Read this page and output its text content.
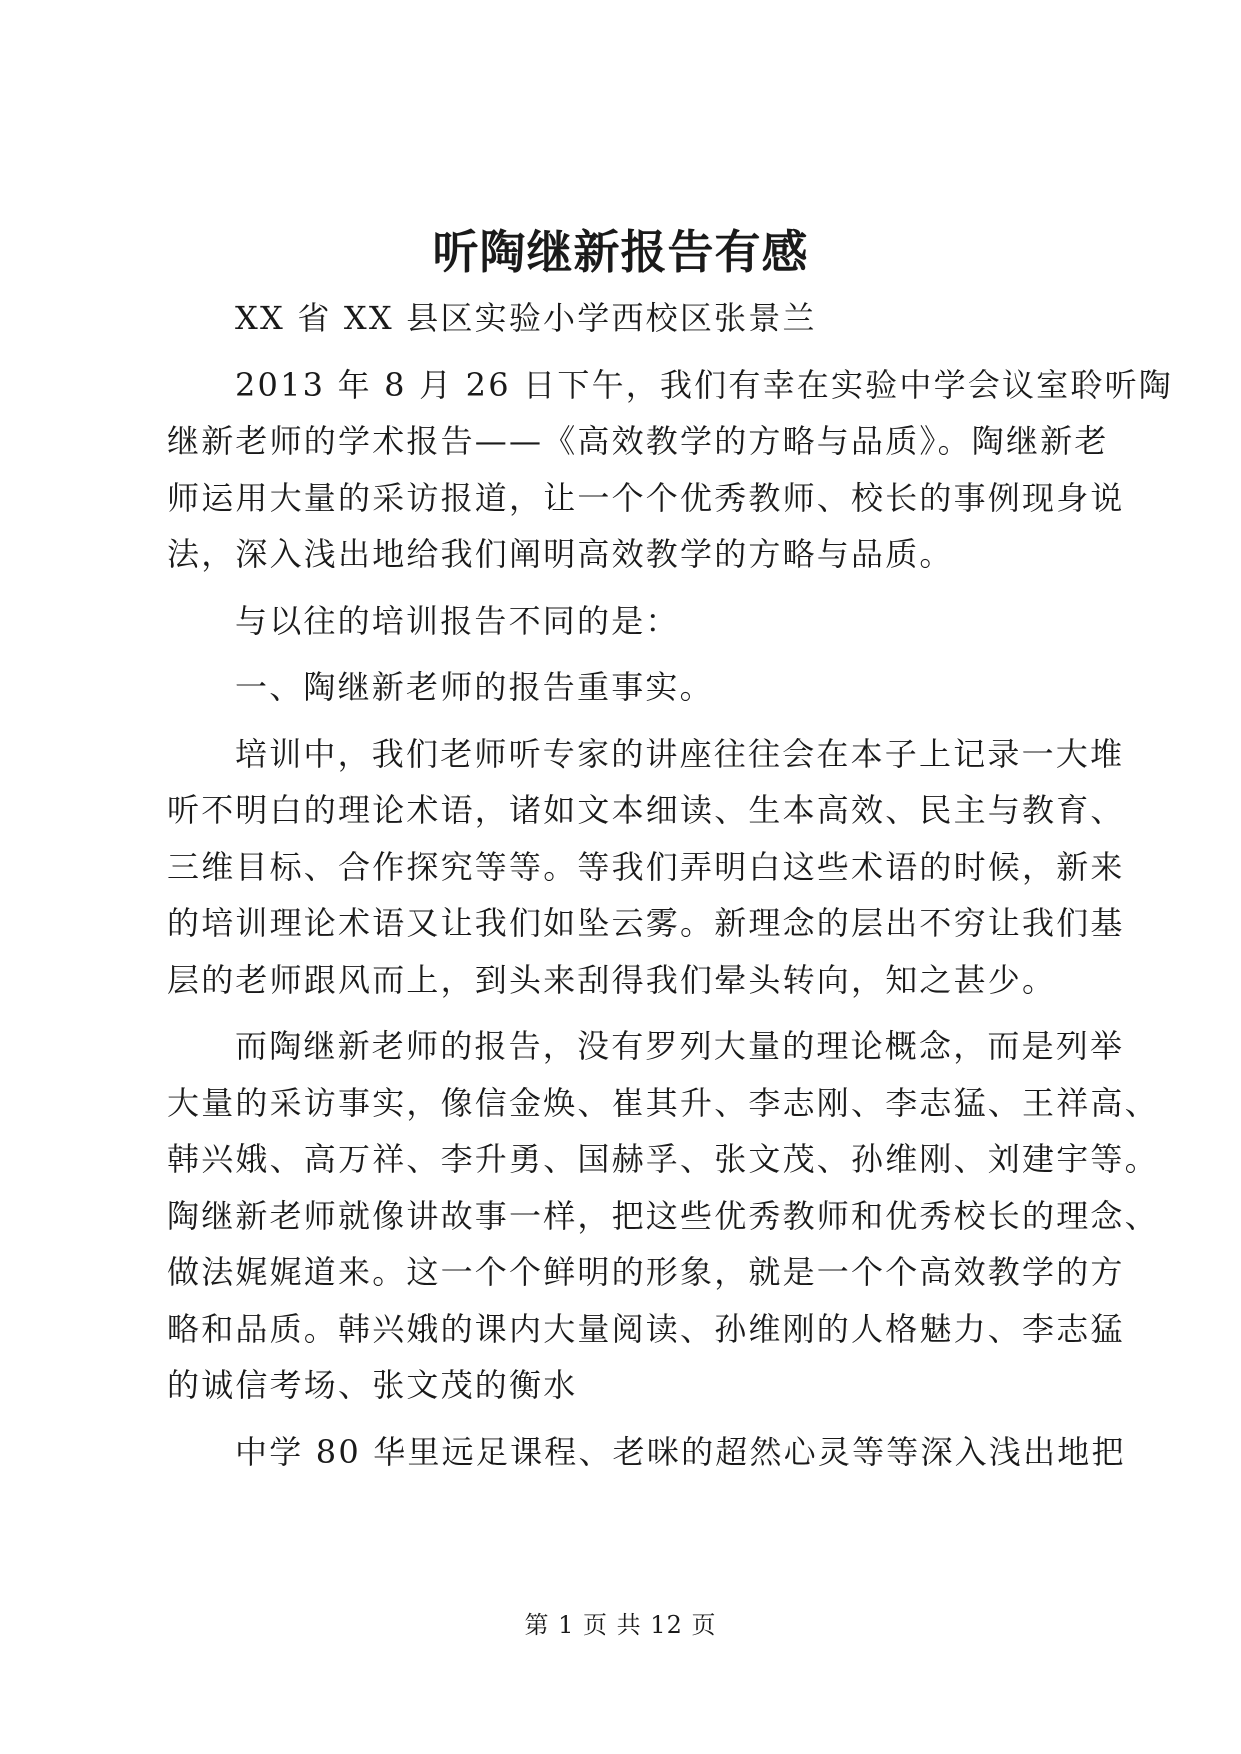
听陶继新报告有感

XX 省 XX 县区实验小学西校区张景兰

2013 年 8 月 26 日下午，我们有幸在实验中学会议室聆听陶
继新老师的学术报告——《高效教学的方略与品质》。陶继新老
师运用大量的采访报道，让一个个优秀教师、校长的事例现身说
法，深入浅出地给我们阐明高效教学的方略与品质。

与以往的培训报告不同的是：

一、陶继新老师的报告重事实。

培训中，我们老师听专家的讲座往往会在本子上记录一大堆
听不明白的理论术语，诸如文本细读、生本高效、民主与教育、
三维目标、合作探究等等。等我们弄明白这些术语的时候，新来
的培训理论术语又让我们如坠云雾。新理念的层出不穷让我们基
层的老师跟风而上，到头来刮得我们晕头转向，知之甚少。

而陶继新老师的报告，没有罗列大量的理论概念，而是列举
大量的采访事实，像信金焕、崔其升、李志刚、李志猛、王祥高、
韩兴娥、高万祥、李升勇、国赫孚、张文茂、孙维刚、刘建宇等。
陶继新老师就像讲故事一样，把这些优秀教师和优秀校长的理念、
做法娓娓道来。这一个个鲜明的形象，就是一个个高效教学的方
略和品质。韩兴娥的课内大量阅读、孙维刚的人格魅力、李志猛
的诚信考场、张文茂的衡水

中学 80 华里远足课程、老咪的超然心灵等等深入浅出地把

第 1 页 共 12 页
